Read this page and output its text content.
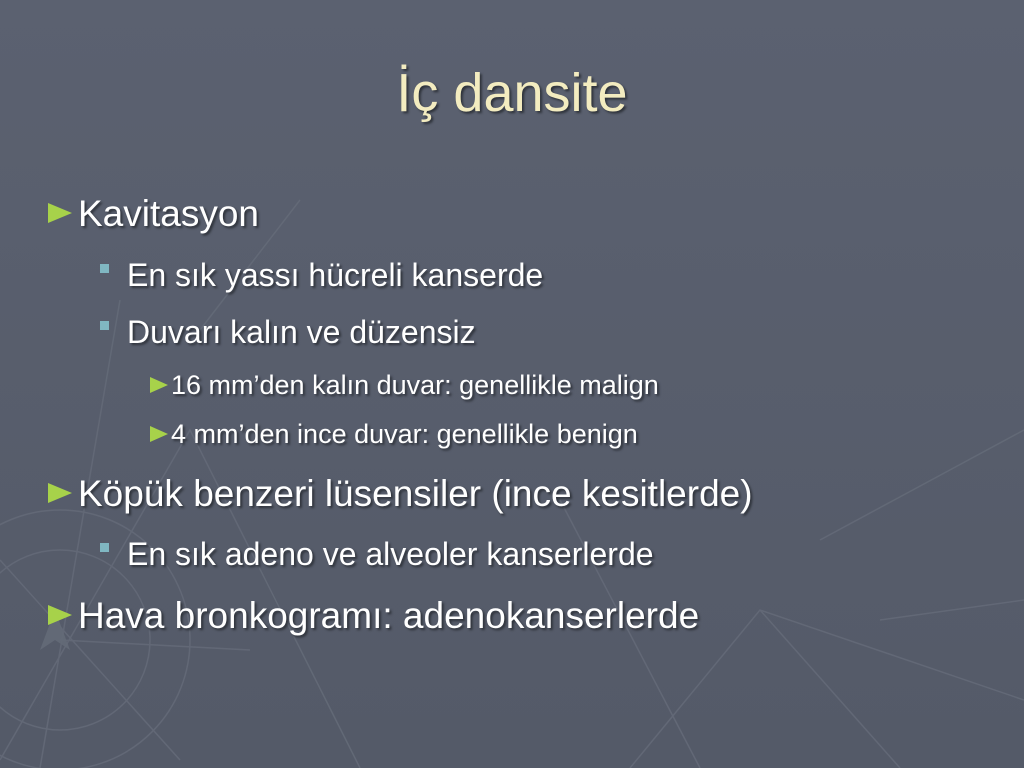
İç dansite
Kavitasyon
En sık yassı hücreli kanserde
Duvarı kalın ve düzensiz
16 mm’den kalın duvar: genellikle malign
4 mm’den ince duvar: genellikle benign
Köpük benzeri lüsensiler (ince kesitlerde)
En sık adeno ve alveoler kanserlerde
Hava bronkogramı: adenokanserlerde
